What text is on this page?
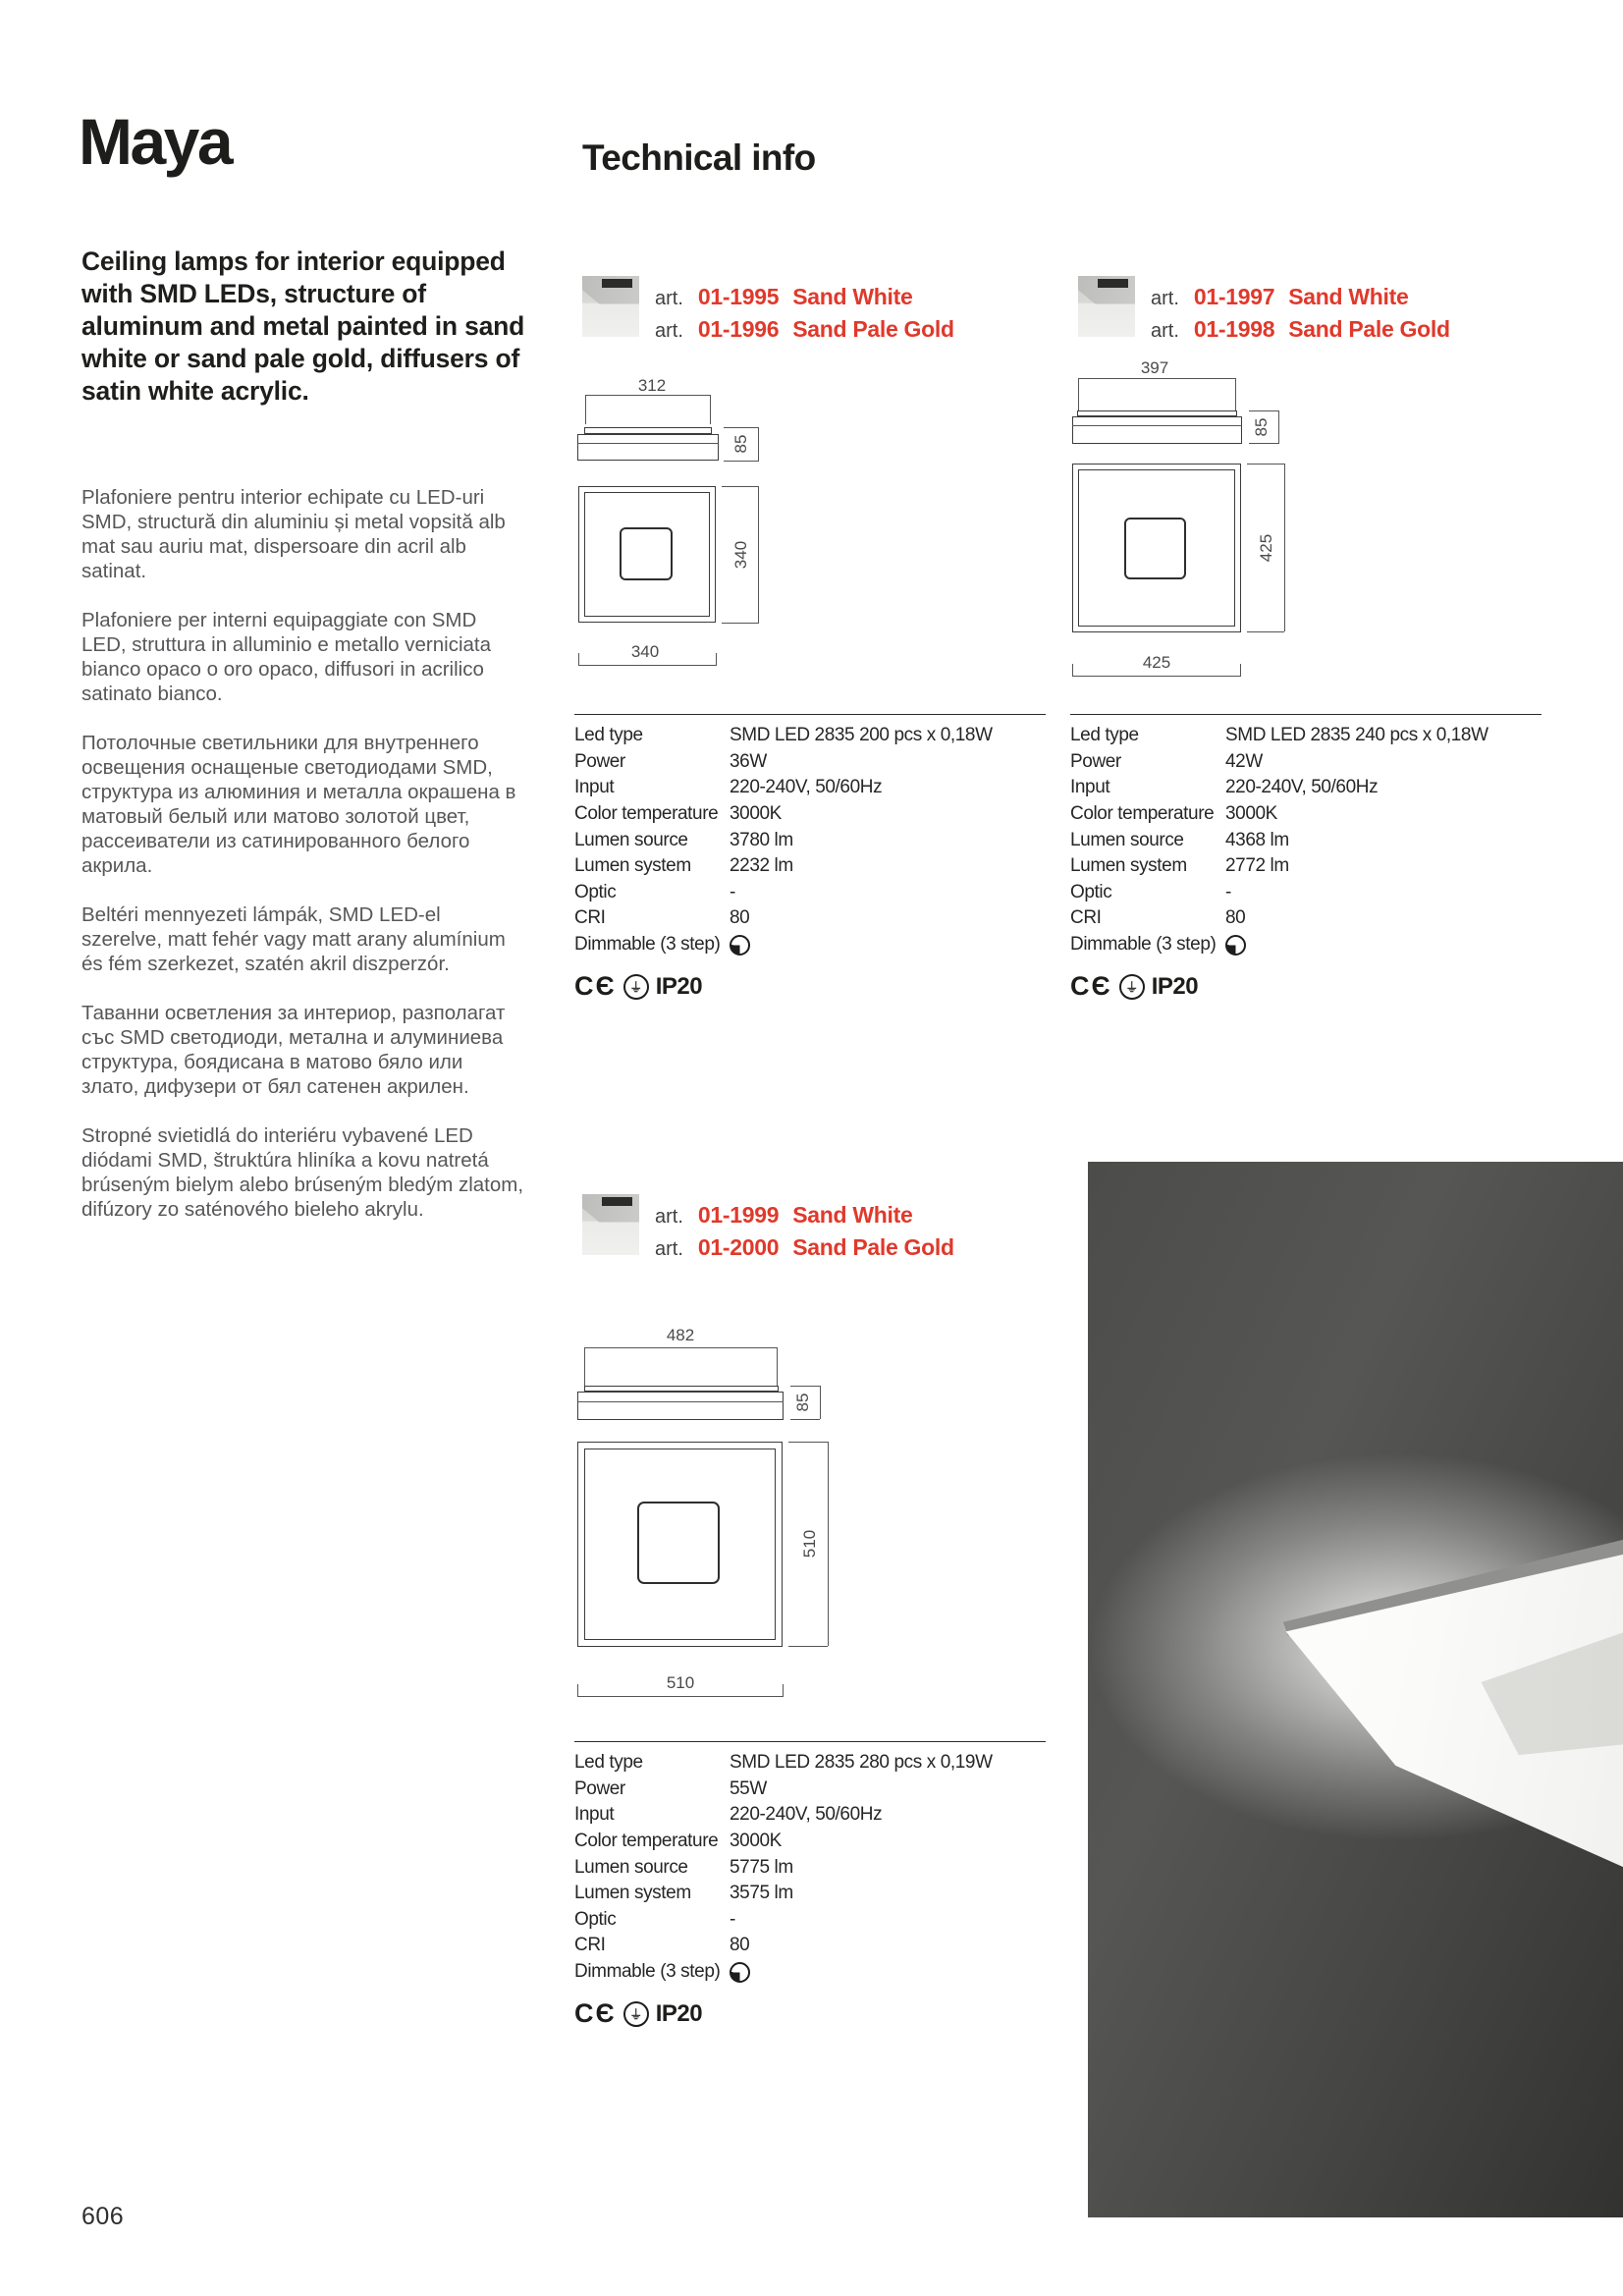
Maya	Technical info
Ceiling lamps for interior equipped with SMD LEDs, structure of aluminum and metal painted in sand white or sand pale gold, diffusers of satin white acrylic.

Plafoniere pentru interior echipate cu LED-uri SMD, structură din aluminiu și metal vopsită alb mat sau auriu mat, dispersoare din acril alb satinat.

Plafoniere per interni equipaggiate con SMD LED, struttura in alluminio e metallo verniciata bianco opaco o oro opaco, diffusori in acrilico satinato bianco.

Потолочные светильники для внутреннего освещения оснащеные светодиодами SMD, структура из алюминия и металла окрашена в матовый белый или матово золотой цвет, рассеиватели из сатинированного белого акрила.

Beltéri mennyezeti lámpák, SMD LED-el szerelve, matt fehér vagy matt arany alumínium és fém szerkezet, szatén akril diszperzór.

Таванни осветления за интериор, разполагат със SMD светодиоди, метална и алуминиева структура, боядисана в матово бяло или злато, дифузери от бял сатенен акрилен.

Stropné svietidlá do interiéru vybavené LED diódami SMD, štruktúra hliníka a kovu natretá brúseným bielym alebo brúseným bledým zlatom, difúzory zo saténového bieleho akrylu.

art. 01-1995 Sand White
art. 01-1996 Sand Pale Gold
art. 01-1997 Sand White
art. 01-1998 Sand Pale Gold
art. 01-1999 Sand White
art. 01-2000 Sand Pale Gold
312
85
340
340
397
85
425
425
482
85
510
510
Led type	SMD LED 2835 200 pcs x 0,18W
Power	36W
Input	220-240V, 50/60Hz
Color temperature 3000K
Lumen source	3780 lm
Lumen system	2232 lm
Optic	-
CRI	80
Dimmable (3 step)
CЄ	⏚ IP20
Led type	SMD LED 2835 240 pcs x 0,18W
Power	42W
Input	220-240V, 50/60Hz
Color temperature 3000K
Lumen source	4368 lm
Lumen system	2772 lm
Optic	-
CRI	80
Dimmable (3 step)
CЄ	⏚ IP20
Led type	SMD LED 2835 280 pcs x 0,19W
Power	55W
Input	220-240V, 50/60Hz
Color temperature 3000K
Lumen source	5775 lm
Lumen system	3575 lm
Optic	-
CRI	80
Dimmable (3 step)
CЄ	⏚ IP20
606
